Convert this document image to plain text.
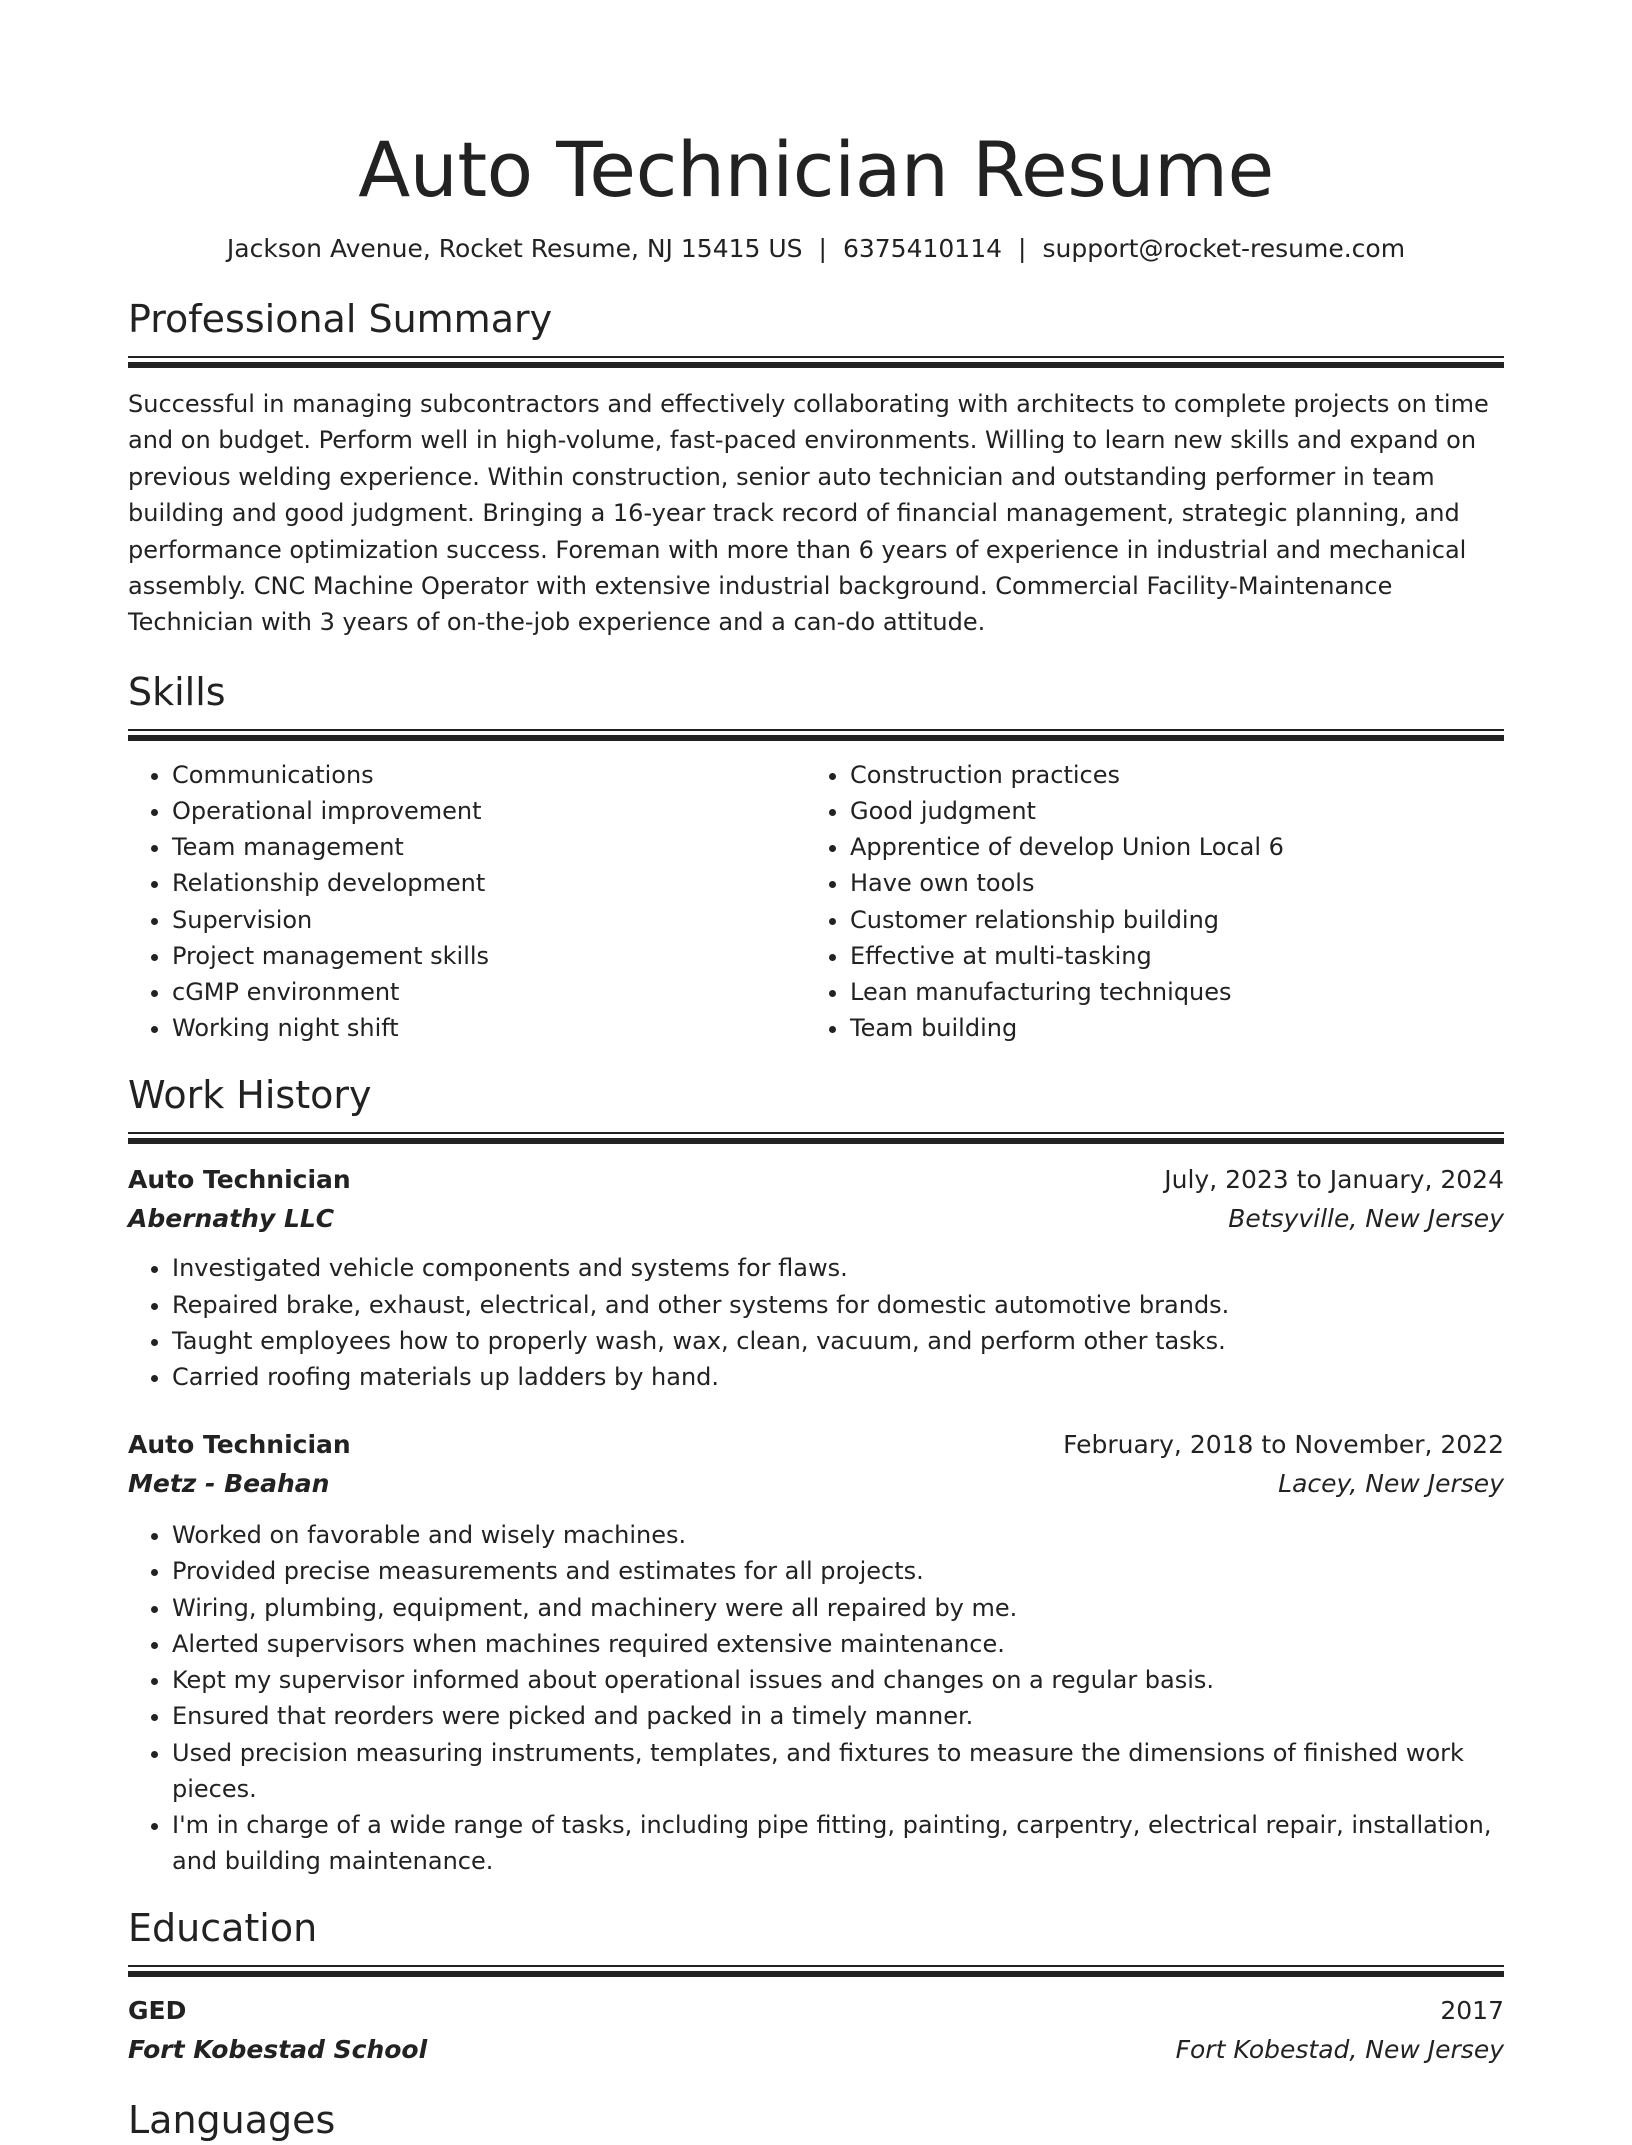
Auto Technician Resume
Jackson Avenue, Rocket Resume, NJ 15415 US | 6375410114 | support@rocket-resume.com
Professional Summary

Successful in managing subcontractors and effectively collaborating with architects to complete projects on time and on budget. Perform well in high-volume, fast-paced environments. Willing to learn new skills and expand on previous welding experience. Within construction, senior auto technician and outstanding performer in team building and good judgment. Bringing a 16-year track record of financial management, strategic planning, and performance optimization success. Foreman with more than 6 years of experience in industrial and mechanical assembly. CNC Machine Operator with extensive industrial background. Commercial Facility-Maintenance Technician with 3 years of on-the-job experience and a can-do attitude.

Skills
• Communications
• Operational improvement
• Team management
• Relationship development
• Supervision
• Project management skills
• cGMP environment
• Working night shift
• Construction practices
• Good judgment
• Apprentice of develop Union Local 6
• Have own tools
• Customer relationship building
• Effective at multi-tasking
• Lean manufacturing techniques
• Team building
Work History
Auto Technician	July, 2023 to January, 2024
Abernathy LLC	Betsyville, New Jersey
• Investigated vehicle components and systems for flaws.
• Repaired brake, exhaust, electrical, and other systems for domestic automotive brands.
• Taught employees how to properly wash, wax, clean, vacuum, and perform other tasks.
• Carried roofing materials up ladders by hand.
Auto Technician	February, 2018 to November, 2022
Metz - Beahan	Lacey, New Jersey
• Worked on favorable and wisely machines.
• Provided precise measurements and estimates for all projects.
• Wiring, plumbing, equipment, and machinery were all repaired by me.
• Alerted supervisors when machines required extensive maintenance.
• Kept my supervisor informed about operational issues and changes on a regular basis.
• Ensured that reorders were picked and packed in a timely manner.
• Used precision measuring instruments, templates, and fixtures to measure the dimensions of finished work pieces.
• I'm in charge of a wide range of tasks, including pipe fitting, painting, carpentry, electrical repair, installation, and building maintenance.
Education
GED	2017
Fort Kobestad School	Fort Kobestad, New Jersey
Languages
